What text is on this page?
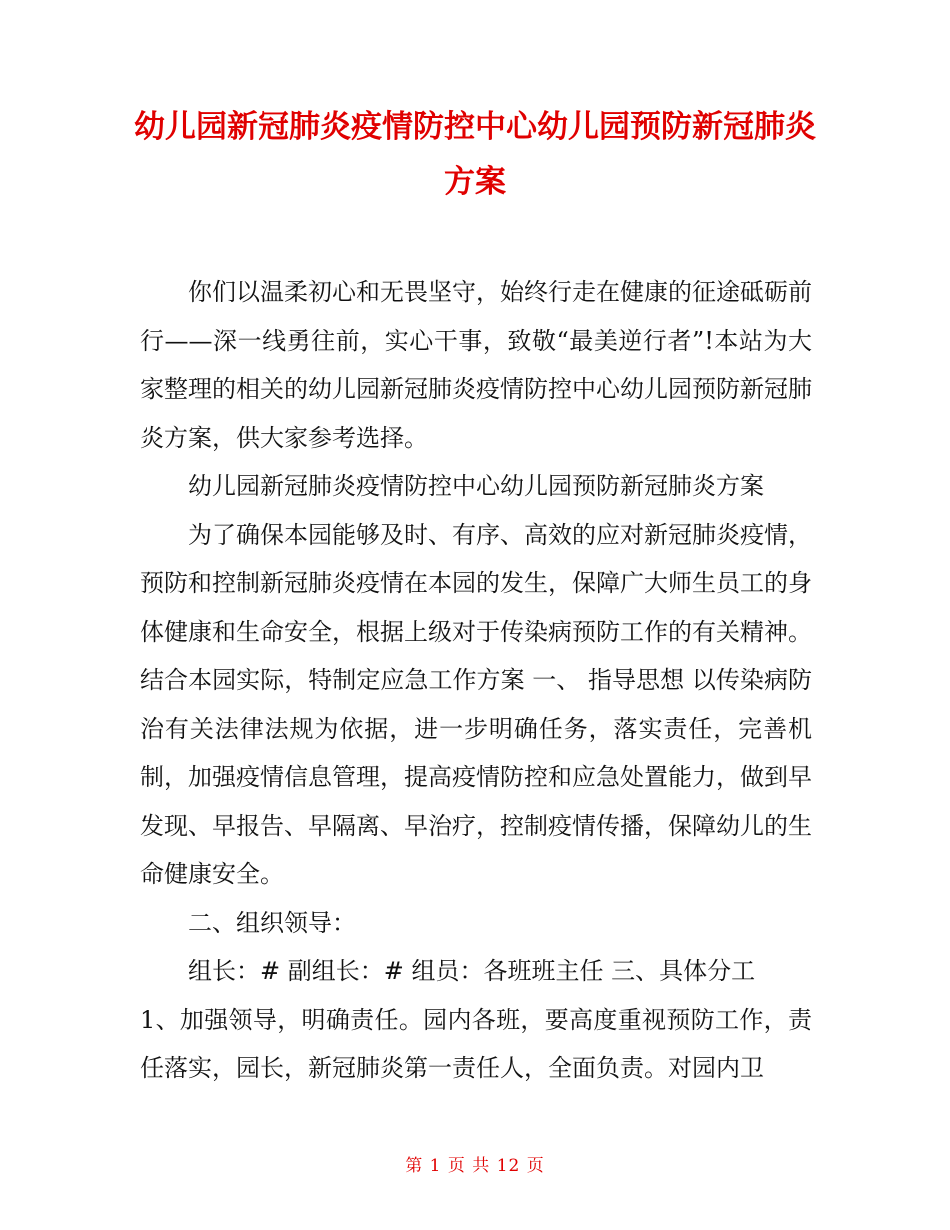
幼儿园新冠肺炎疫情防控中心幼儿园预防新冠肺炎方案

你们以温柔初心和无畏坚守，始终行走在健康的征途砥砺前行——深一线勇往前，实心干事，致敬“最美逆行者”!本站为大家整理的相关的幼儿园新冠肺炎疫情防控中心幼儿园预防新冠肺炎方案，供大家参考选择。

幼儿园新冠肺炎疫情防控中心幼儿园预防新冠肺炎方案

为了确保本园能够及时、有序、高效的应对新冠肺炎疫情，预防和控制新冠肺炎疫情在本园的发生，保障广大师生员工的身体健康和生命安全，根据上级对于传染病预防工作的有关精神。结合本园实际，特制定应急工作方案 一、 指导思想 以传染病防治有关法律法规为依据，进一步明确任务，落实责任，完善机制，加强疫情信息管理，提高疫情防控和应急处置能力，做到早发现、早报告、早隔离、早治疗，控制疫情传播，保障幼儿的生命健康安全。

二、组织领导：

组长：# 副组长：# 组员：各班班主任 三、具体分工

1、加强领导，明确责任。园内各班，要高度重视预防工作，责任落实，园长，新冠肺炎第一责任人，全面负责。对园内卫

第 1 页 共 12 页
